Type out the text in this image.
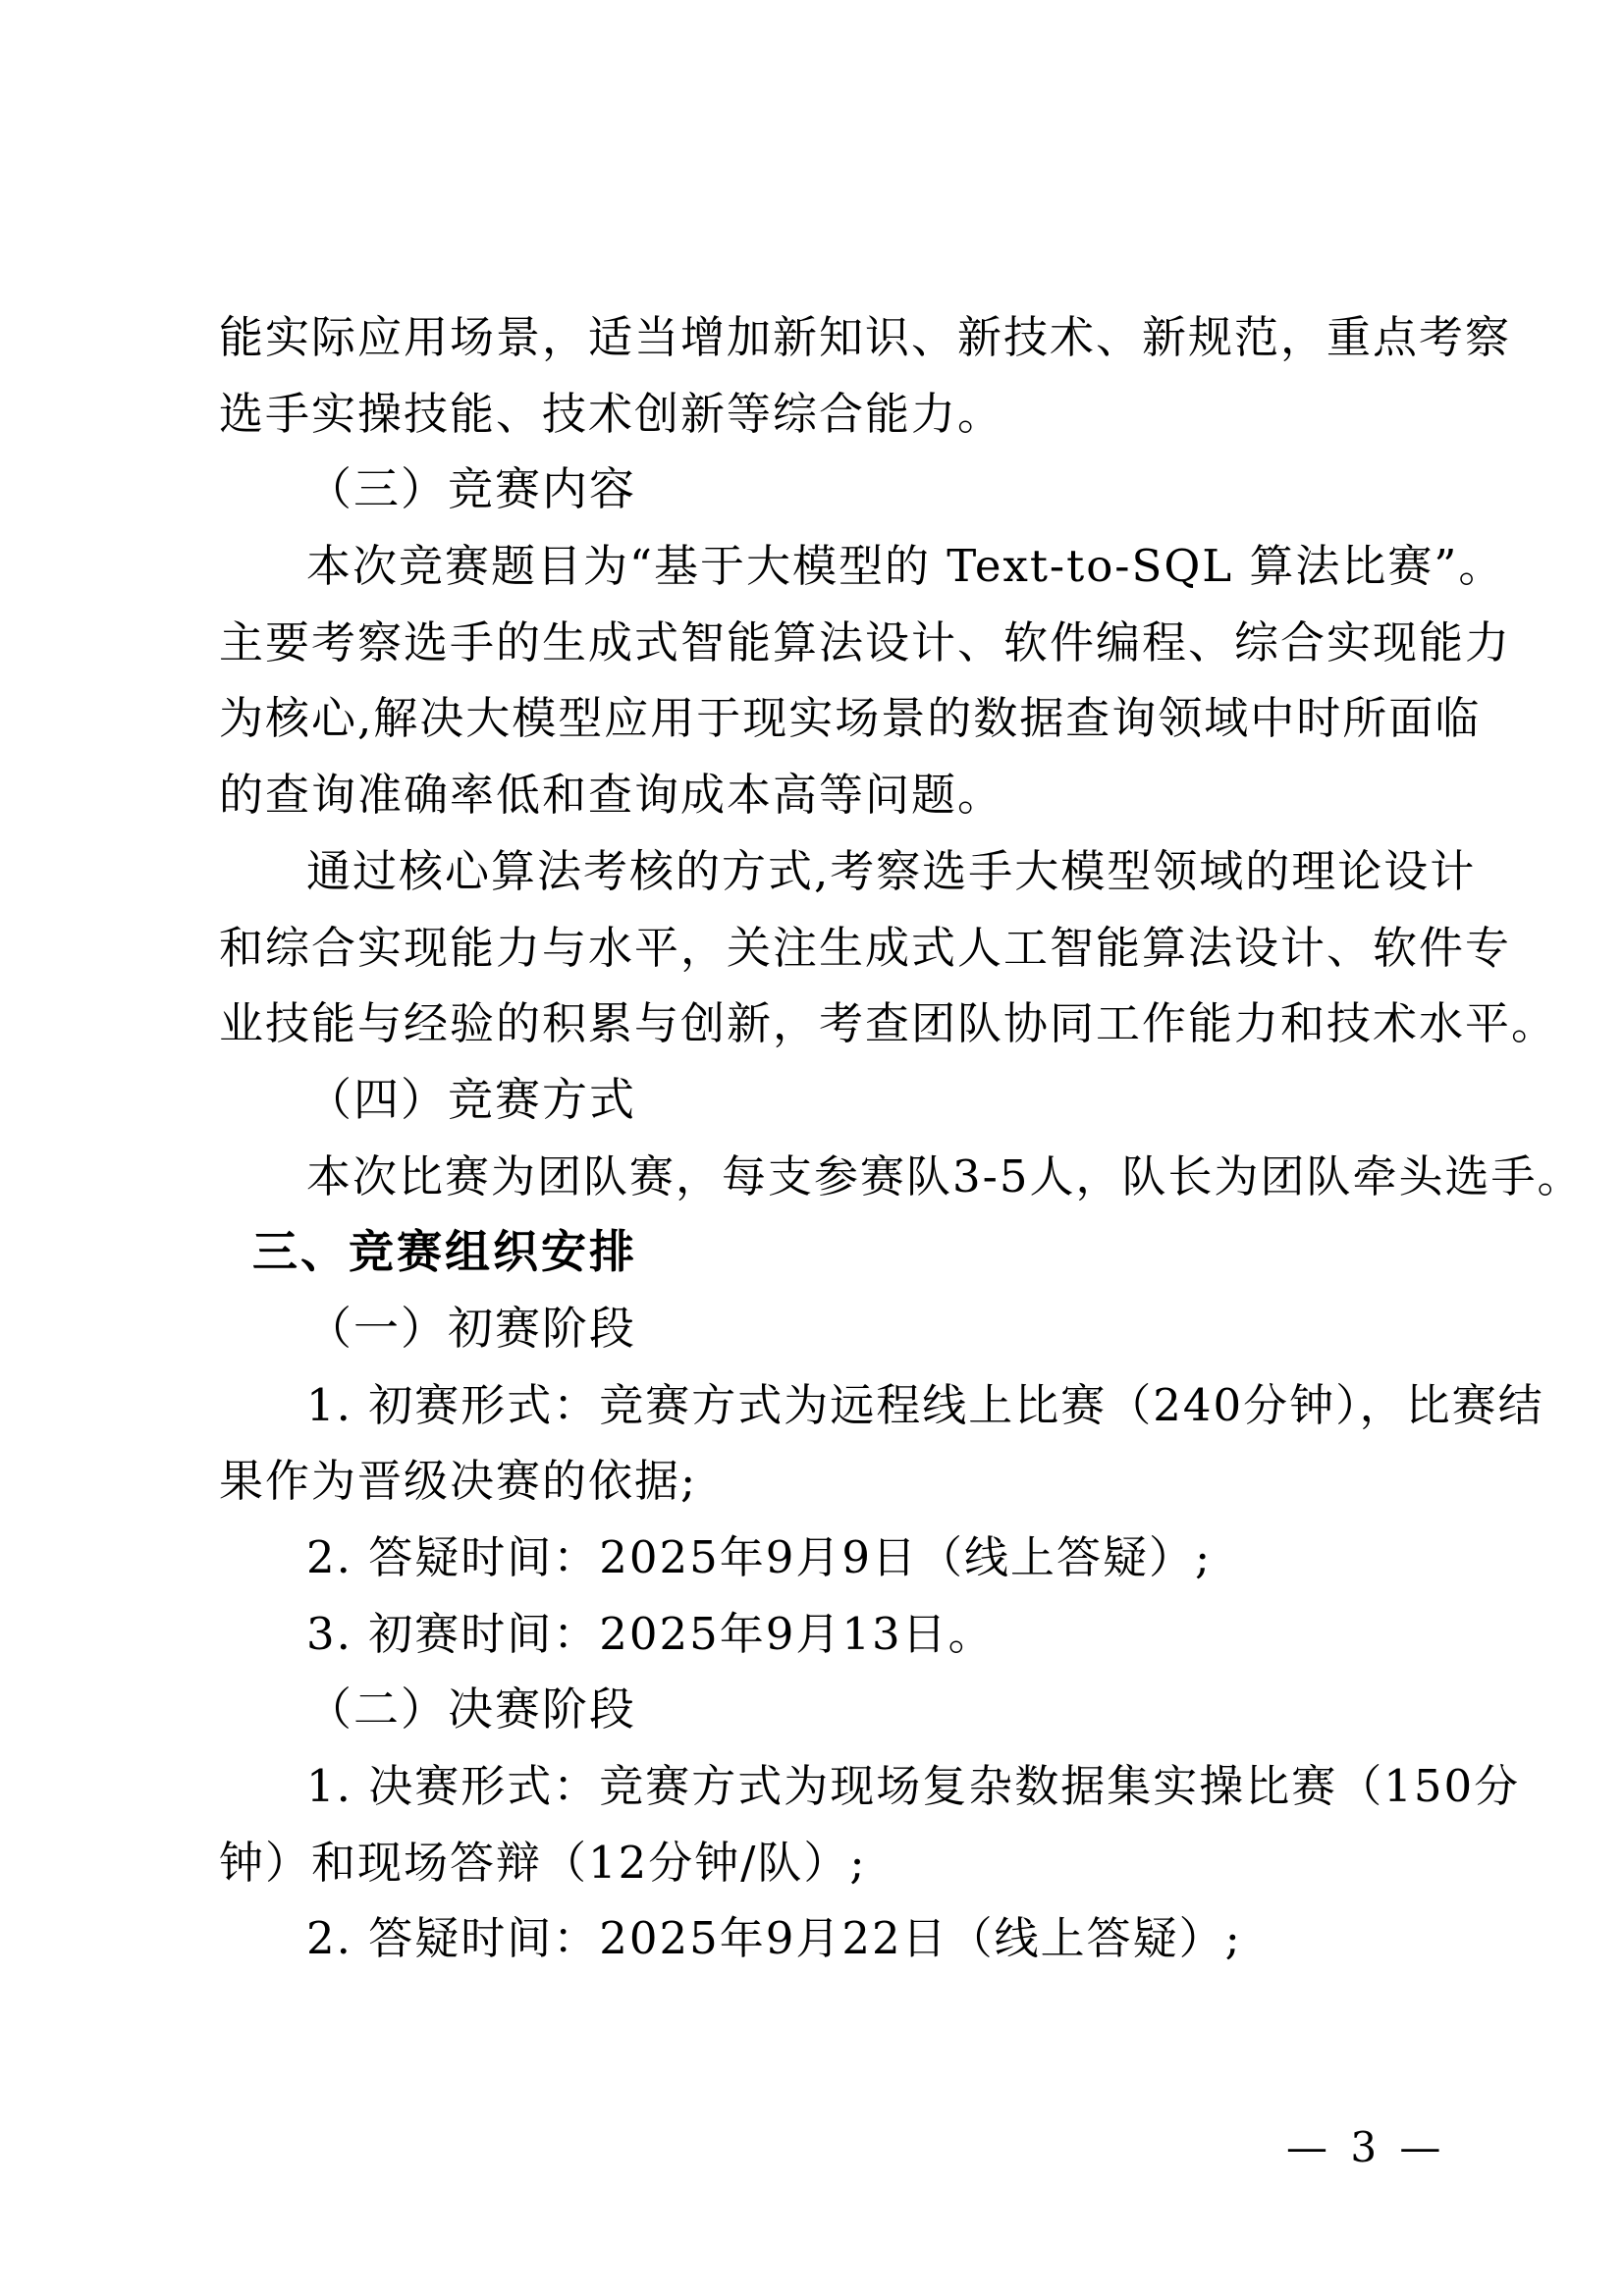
能实际应用场景，适当增加新知识、新技术、新规范，重点考察
选手实操技能、技术创新等综合能力。
（三）竞赛内容
本次竞赛题目为“基于大模型的 Text-to-SQL 算法比赛”。
主要考察选手的生成式智能算法设计、软件编程、综合实现能力
为核心,解决大模型应用于现实场景的数据查询领域中时所面临
的查询准确率低和查询成本高等问题。
通过核心算法考核的方式,考察选手大模型领域的理论设计
和综合实现能力与水平，关注生成式人工智能算法设计、软件专
业技能与经验的积累与创新，考查团队协同工作能力和技术水平。
（四）竞赛方式
本次比赛为团队赛，每支参赛队3-5人，队长为团队牵头选手。
三、竞赛组织安排
（一）初赛阶段
1. 初赛形式：竞赛方式为远程线上比赛（240分钟），比赛结
果作为晋级决赛的依据;
2. 答疑时间：2025年9月9日（线上答疑）;
3. 初赛时间：2025年9月13日。
（二）决赛阶段
1. 决赛形式：竞赛方式为现场复杂数据集实操比赛（150分
钟）和现场答辩（12分钟/队）;
2. 答疑时间：2025年9月22日（线上答疑）;
— 3 —
